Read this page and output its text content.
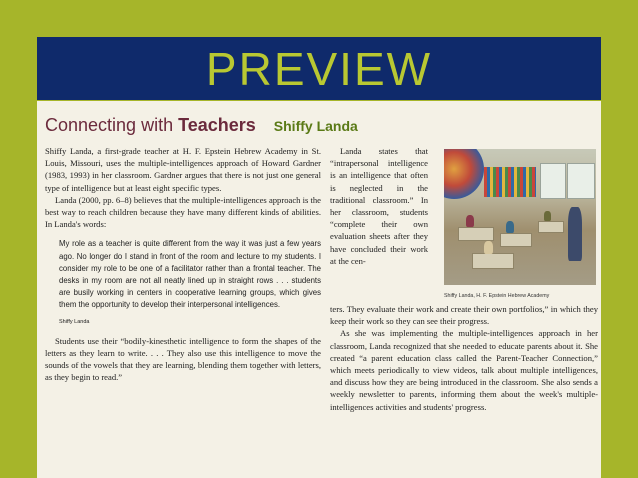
PREVIEW
Connecting with Teachers Shiffy Landa

Shiffy Landa, a first-grade teacher at H. F. Epstein Hebrew Academy in St. Louis, Missouri, uses the multiple-intelligences approach of Howard Gardner (1983, 1993) in her classroom. Gardner argues that there is not just one general type of intelligence but at least eight specific types.

Landa (2000, pp. 6–8) believes that the multiple-intelligences approach is the best way to reach children because they have many different kinds of abilities. In Landa's words:

My role as a teacher is quite different from the way it was just a few years ago. No longer do I stand in front of the room and lecture to my students. I consider my role to be one of a facilitator rather than a frontal teacher. The desks in my room are not all neatly lined up in straight rows . . . students are busily working in centers in cooperative learning groups, which gives them the opportunity to develop their interpersonal intelligences.

Shiffy Landa

Students use their “bodily-kinesthetic intelligence to form the shapes of the letters as they learn to write. . . . They also use this intelligence to move the sounds of the vowels that they are learning, blending them together with letters, as they begin to read.”

Landa states that “intrapersonal intelligence is an intelligence that often is neglected in the traditional classroom.” In her classroom, students “complete their own evaluation sheets after they have concluded their work at the cen-

Shiffy Landa, H. F. Epstein Hebrew Academy

ters. They evaluate their work and create their own portfolios,” in which they keep their work so they can see their progress.

As she was implementing the multiple-intelligences approach in her classroom, Landa recognized that she needed to educate parents about it. She created “a parent education class called the Parent-Teacher Connection,” which meets periodically to view videos, talk about multiple intelligences, and discuss how they are being introduced in the classroom. She also sends a weekly newsletter to parents, informing them about the week's multiple-intelligences activities and students' progress.
